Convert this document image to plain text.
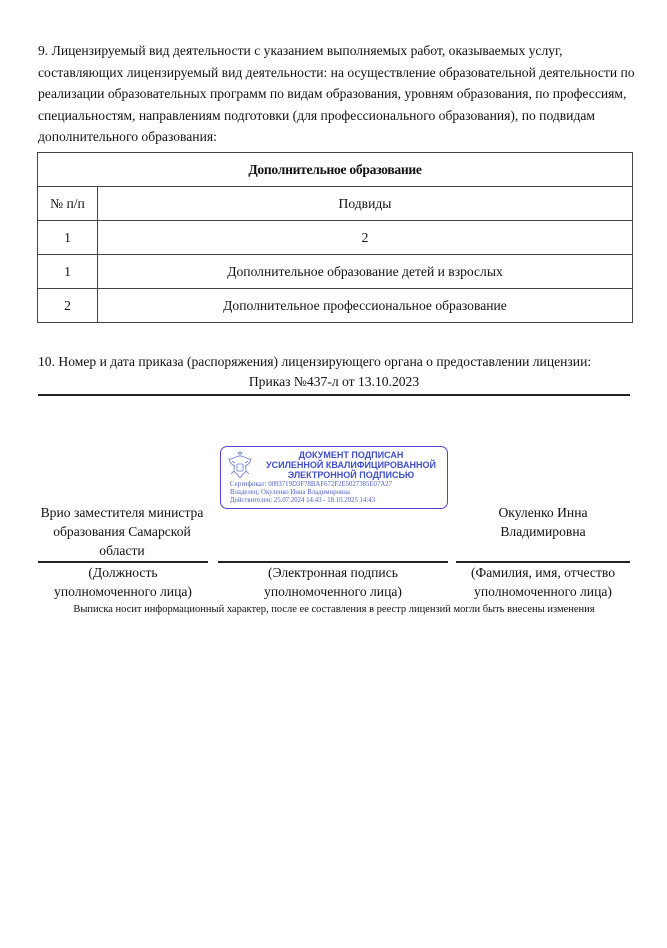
9. Лицензируемый вид деятельности с указанием выполняемых работ, оказываемых услуг, составляющих лицензируемый вид деятельности: на осуществление образовательной деятельности по реализации образовательных программ по видам образования, уровням образования, по профессиям, специальностям, направлениям подготовки (для профессионального образования), по подвидам дополнительного образования:
Дополнительное образование	
№ п/п	Подвиды
1	2
1	Дополнительное образование детей и взрослых
2	Дополнительное профессиональное образование
10. Номер и дата приказа (распоряжения) лицензирующего органа о предоставлении лицензии:
Приказ №437-л от 13.10.2023
ДОКУМЕНТ ПОДПИСАН
УСИЛЕННОЙ КВАЛИФИЦИРОВАННОЙ
ЭЛЕКТРОННОЙ ПОДПИСЬЮ
Сертификат: 0093719D3F78BAF672F2E5027385E07A27
Владелец: Окуленко Инна Владимировна
Действителен: 25.07.2024 14:43 - 18.10.2025 14:43
Врио заместителя министра
образования Самарской
области
Окуленко Инна
Владимировна
(Должность
уполномоченного лица)
(Электронная подпись
уполномоченного лица)
(Фамилия, имя, отчество
уполномоченного лица)
Выписка носит информационный характер, после ее составления в реестр лицензий могли быть внесены изменения
